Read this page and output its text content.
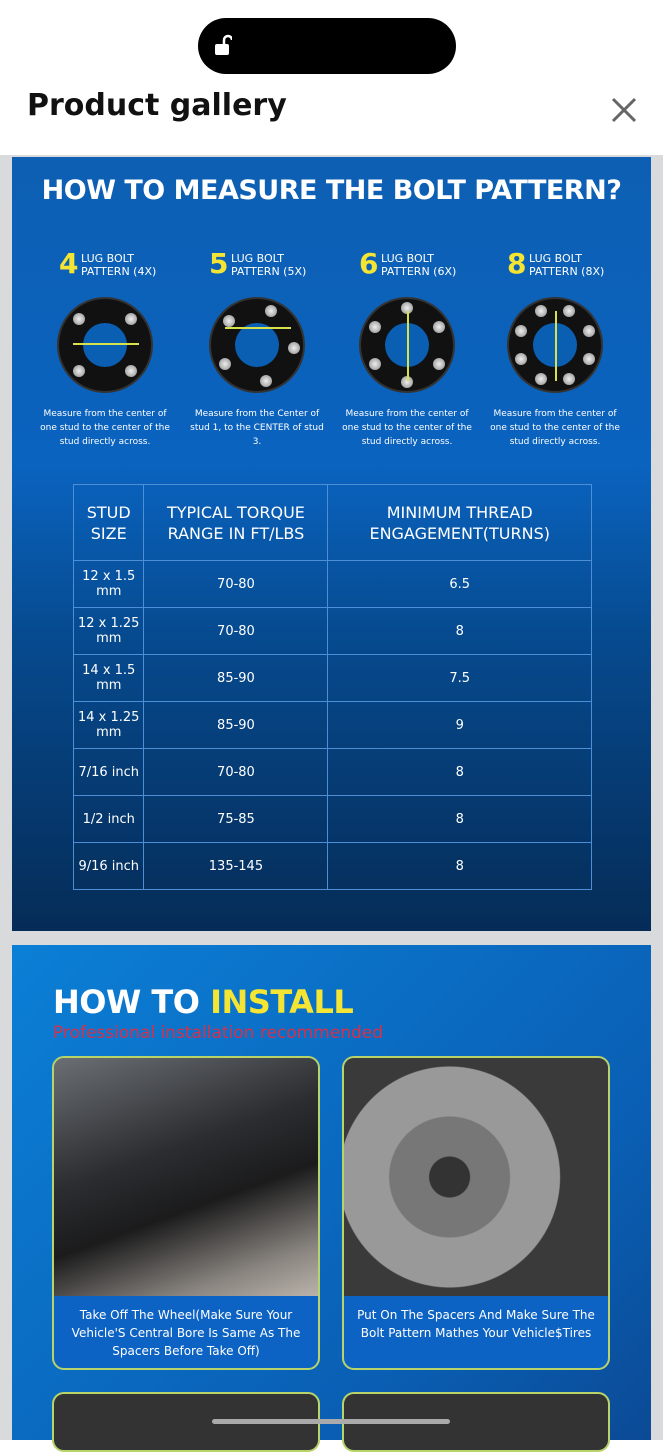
Product gallery
HOW TO MEASURE THE BOLT PATTERN?
4 LUG BOLT
PATTERN (4X)
Measure from the center of one stud to the center of the stud directly across.
5 LUG BOLT
PATTERN (5X)
Measure from the Center of stud 1, to the CENTER of stud 3.
6 LUG BOLT
PATTERN (6X)
Measure from the center of one stud to the center of the stud directly across.
8 LUG BOLT
PATTERN (8X)
Measure from the center of one stud to the center of the stud directly across.
STUD SIZE	TYPICAL TORQUE RANGE IN FT/LBS	MINIMUM THREAD ENGAGEMENT(TURNS)
12 x 1.5 mm	70-80	6.5
12 x 1.25 mm	70-80	8
14 x 1.5 mm	85-90	7.5
14 x 1.25 mm	85-90	9
7/16 inch	70-80	8
1/2 inch	75-85	8
9/16 inch	135-145	8
HOW TO INSTALL
Professional installation recommended
Take Off The Wheel(Make Sure Your Vehicle'S Central Bore Is Same As The Spacers Before Take Off)
Put On The Spacers And Make Sure The Bolt Pattern Mathes Your Vehicle$Tires
